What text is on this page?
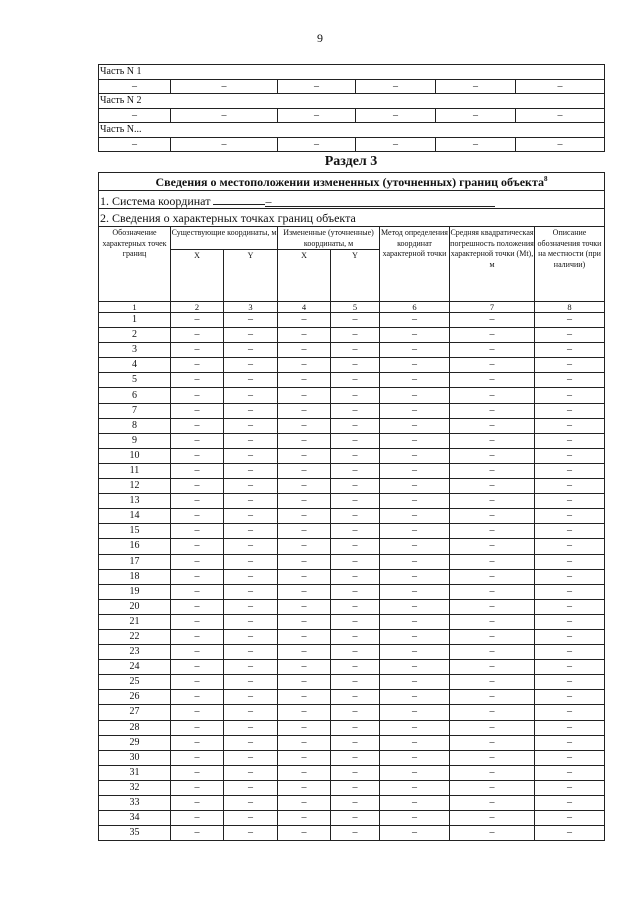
9
Часть N 1					
–	–	–	–	–	–
Часть N 2					
–	–	–	–	–	–
Часть N...					
–	–	–	–	–	–
Раздел 3
Сведения о местоположении измененных (уточненных) границ объекта$^8$
1. Система координат –							
2. Сведения о характерных точках границ объекта							
Обозначение характерных точек границ	Существующие координаты, м		Измененные (уточненные) координаты, м		Метод определения координат характерной точки	Средняя квадратическая погрешность положения характерной точки (Mt), м	Описание обозначения точки на местности (при наличии)
	X	Y	X	Y			
1	2	3	4	5	6	7	8
1	–	–	–	–	–	–	–
2	–	–	–	–	–	–	–
3	–	–	–	–	–	–	–
4	–	–	–	–	–	–	–
5	–	–	–	–	–	–	–
6	–	–	–	–	–	–	–
7	–	–	–	–	–	–	–
8	–	–	–	–	–	–	–
9	–	–	–	–	–	–	–
10	–	–	–	–	–	–	–
11	–	–	–	–	–	–	–
12	–	–	–	–	–	–	–
13	–	–	–	–	–	–	–
14	–	–	–	–	–	–	–
15	–	–	–	–	–	–	–
16	–	–	–	–	–	–	–
17	–	–	–	–	–	–	–
18	–	–	–	–	–	–	–
19	–	–	–	–	–	–	–
20	–	–	–	–	–	–	–
21	–	–	–	–	–	–	–
22	–	–	–	–	–	–	–
23	–	–	–	–	–	–	–
24	–	–	–	–	–	–	–
25	–	–	–	–	–	–	–
26	–	–	–	–	–	–	–
27	–	–	–	–	–	–	–
28	–	–	–	–	–	–	–
29	–	–	–	–	–	–	–
30	–	–	–	–	–	–	–
31	–	–	–	–	–	–	–
32	–	–	–	–	–	–	–
33	–	–	–	–	–	–	–
34	–	–	–	–	–	–	–
35	–	–	–	–	–	–	–
